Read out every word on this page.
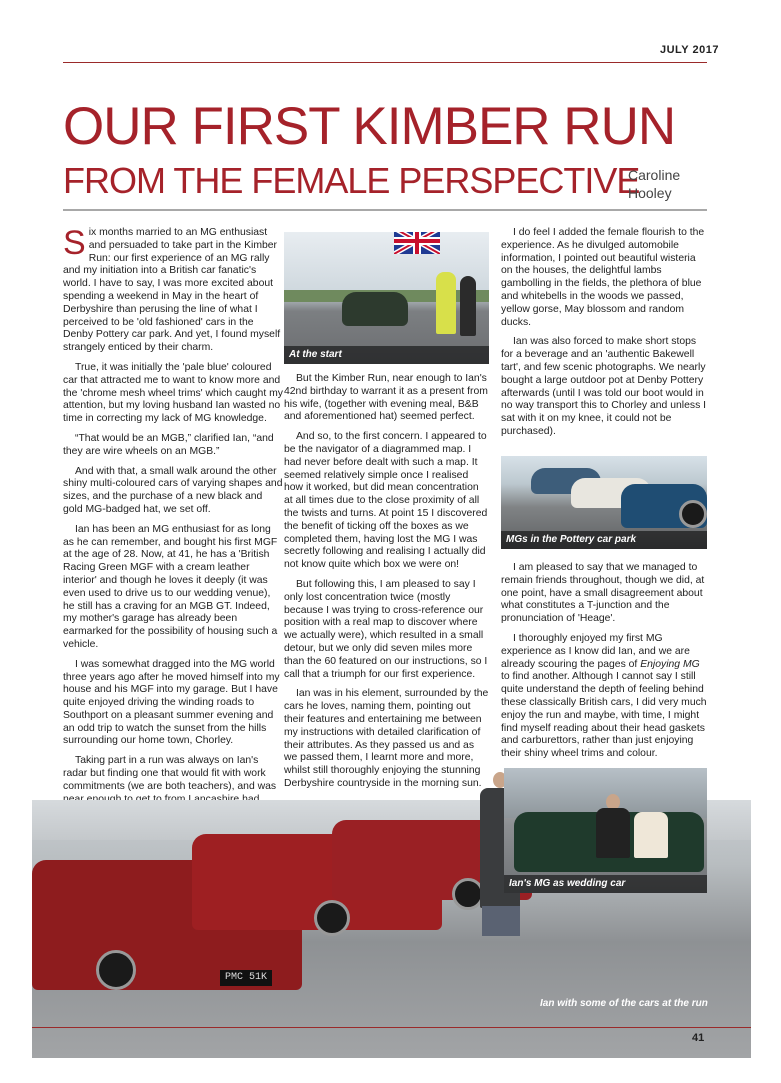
JULY 2017
OUR FIRST KIMBER RUN
FROM THE FEMALE PERSPECTIVE
Caroline Hooley

Six months married to an MG enthusiast and persuaded to take part in the Kimber Run: our first experience of an MG rally and my initiation into a British car fanatic's world. I have to say, I was more excited about spending a weekend in May in the heart of Derbyshire than perusing the line of what I perceived to be 'old fashioned' cars in the Denby Pottery car park. And yet, I found myself strangely enticed by their charm.

True, it was initially the 'pale blue' coloured car that attracted me to want to know more and the 'chrome mesh wheel trims' which caught my attention, but my loving husband Ian wasted no time in correcting my lack of MG knowledge.

“That would be an MGB,” clarified Ian, “and they are wire wheels on an MGB.”

And with that, a small walk around the other shiny multi-coloured cars of varying shapes and sizes, and the purchase of a new black and gold MG-badged hat, we set off.

Ian has been an MG enthusiast for as long as he can remember, and bought his first MGF at the age of 28. Now, at 41, he has a 'British Racing Green MGF with a cream leather interior' and though he loves it deeply (it was even used to drive us to our wedding venue), he still has a craving for an MGB GT. Indeed, my mother's garage has already been earmarked for the possibility of housing such a vehicle.

I was somewhat dragged into the MG world three years ago after he moved himself into my house and his MGF into my garage. But I have quite enjoyed driving the winding roads to Southport on a pleasant summer evening and an odd trip to watch the sunset from the hills surrounding our home town, Chorley.

Taking part in a run was always on Ian's radar but finding one that would fit with work commitments (we are both teachers), and was

At the start

But the Kimber Run, near enough to Ian's 42nd birthday to warrant it as a present from his wife, (together with evening meal, B&B and aforementioned hat) seemed perfect.

And so, to the first concern. I appeared to be the navigator of a diagrammed map. I had never before dealt with such a map. It seemed relatively simple once I realised how it worked, but did mean concentration at all times due to the close proximity of all the twists and turns. At point 15 I discovered the benefit of ticking off the boxes as we completed them, having lost the MG I was secretly following and realising I actually did not know quite which box we were on!

But following this, I am pleased to say I only lost concentration twice (mostly because I was trying to cross-reference our position with a real map to discover where we actually were), which resulted in a small detour, but we only did seven miles more than the 60 featured on our instructions, so I call that a triumph for our first experience.

Ian was in his element, surrounded by the cars he loves, naming them, pointing out their features and entertaining me between my instructions with detailed clarification of their attributes. As they passed us and as we passed them, I learnt more and more, whilst still thoroughly enjoying the stunning Derbyshire countryside in the morning sun.

I do feel I added the female flourish to the experience. As he divulged automobile information, I pointed out beautiful wisteria on the houses, the delightful lambs gambolling in the fields, the plethora of blue and whitebells in the woods we passed, yellow gorse, May blossom and random ducks.

Ian was also forced to make short stops for a beverage and an 'authentic Bakewell tart', and few scenic photographs. We nearly bought a large outdoor pot at Denby Pottery afterwards (until I was told our boot would in no way transport this to Chorley and unless I sat with it on my knee, it could not be purchased).

MGs in the Pottery car park

I am pleased to say that we managed to remain friends throughout, though we did, at one point, have a small disagreement about what constitutes a T-junction and the pronunciation of 'Heage'.

I thoroughly enjoyed my first MG experience as I know did Ian, and we are already scouring the pages of Enjoying MG to find another. Although I cannot say I still quite understand the depth of feeling behind these classically British cars, I did very much enjoy the run and maybe, with time, I might find myself reading about their head gaskets and carburettors, rather than just enjoying their shiny wheel trims and colour.

PMC 51K
Ian's MG as wedding car
Ian with some of the cars at the run
41
